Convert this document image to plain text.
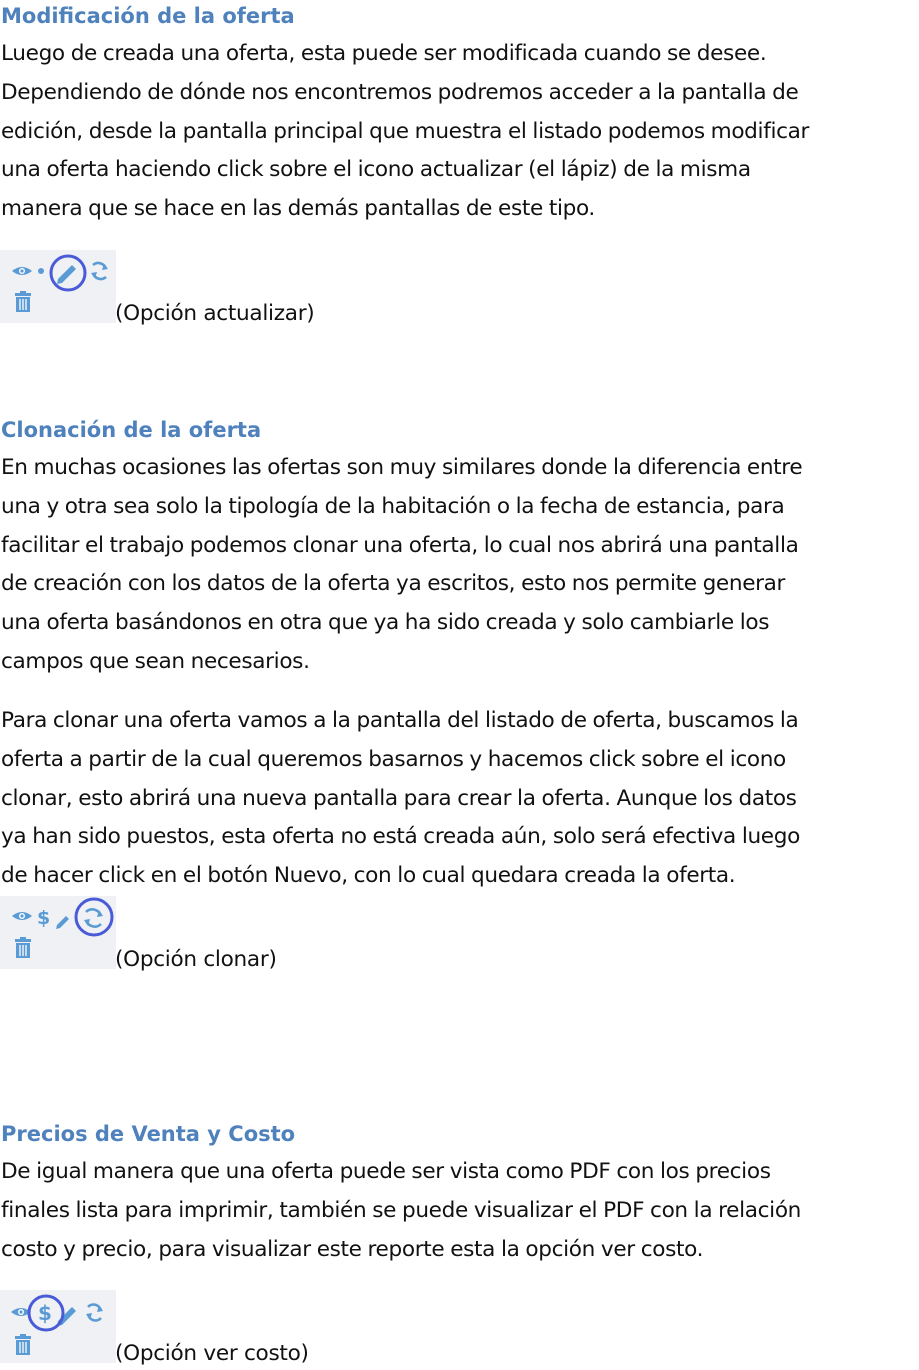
Modificación de la oferta
Luego de creada una oferta, esta puede ser modificada cuando se desee.
Dependiendo de dónde nos encontremos podremos acceder a la pantalla de
edición, desde la pantalla principal que muestra el listado podemos modificar
una oferta haciendo click sobre el icono actualizar (el lápiz) de la misma
manera que se hace en las demás pantallas de este tipo.
(Opción actualizar)
Clonación de la oferta
En muchas ocasiones las ofertas son muy similares donde la diferencia entre
una y otra sea solo la tipología de la habitación o la fecha de estancia, para
facilitar el trabajo podemos clonar una oferta, lo cual nos abrirá una pantalla
de creación con los datos de la oferta ya escritos, esto nos permite generar
una oferta basándonos en otra que ya ha sido creada y solo cambiarle los
campos que sean necesarios.
Para clonar una oferta vamos a la pantalla del listado de oferta, buscamos la
oferta a partir de la cual queremos basarnos y hacemos click sobre el icono
clonar, esto abrirá una nueva pantalla para crear la oferta. Aunque los datos
ya han sido puestos, esta oferta no está creada aún, solo será efectiva luego
de hacer click en el botón Nuevo, con lo cual quedara creada la oferta.
$
(Opción clonar)
Precios de Venta y Costo
De igual manera que una oferta puede ser vista como PDF con los precios
finales lista para imprimir, también se puede visualizar el PDF con la relación
costo y precio, para visualizar este reporte esta la opción ver costo.
$
(Opción ver costo)
